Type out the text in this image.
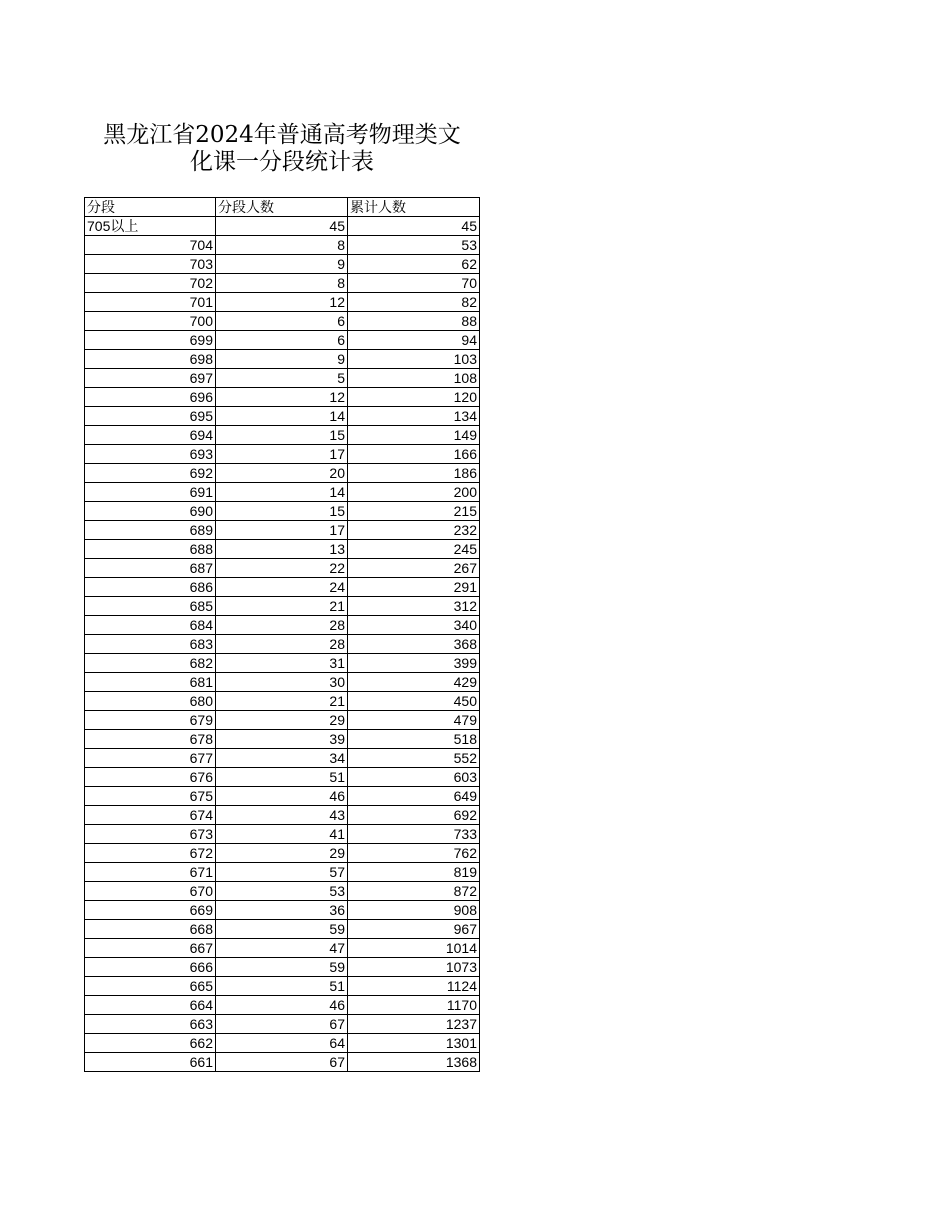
黑龙江省2024年普通高考物理类文
化课一分段统计表
分段	分段人数	累计人数
705以上	45	45
704	8	53
703	9	62
702	8	70
701	12	82
700	6	88
699	6	94
698	9	103
697	5	108
696	12	120
695	14	134
694	15	149
693	17	166
692	20	186
691	14	200
690	15	215
689	17	232
688	13	245
687	22	267
686	24	291
685	21	312
684	28	340
683	28	368
682	31	399
681	30	429
680	21	450
679	29	479
678	39	518
677	34	552
676	51	603
675	46	649
674	43	692
673	41	733
672	29	762
671	57	819
670	53	872
669	36	908
668	59	967
667	47	1014
666	59	1073
665	51	1124
664	46	1170
663	67	1237
662	64	1301
661	67	1368
